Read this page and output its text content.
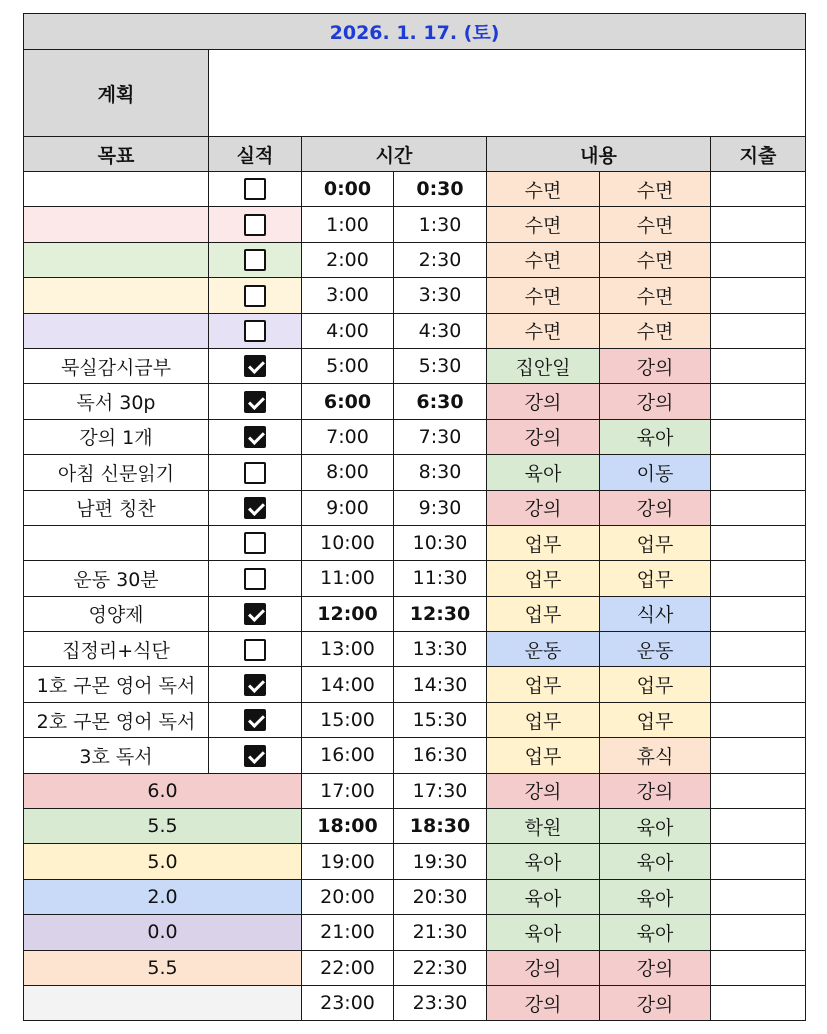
2026. 1. 17. (토)						
계획						
목표	실적	시간		내용		지출
		0:00	0:30	수면	수면	
		1:00	1:30	수면	수면	
		2:00	2:30	수면	수면	
		3:00	3:30	수면	수면	
		4:00	4:30	수면	수면	
묵실감시금부		5:00	5:30	집안일	강의	
독서 30p		6:00	6:30	강의	강의	
강의 1개		7:00	7:30	강의	육아	
아침 신문읽기		8:00	8:30	육아	이동	
남편 칭찬		9:00	9:30	강의	강의	
		10:00	10:30	업무	업무	
운동 30분		11:00	11:30	업무	업무	
영양제		12:00	12:30	업무	식사	
집정리+식단		13:00	13:30	운동	운동	
1호 구몬 영어 독서		14:00	14:30	업무	업무	
2호 구몬 영어 독서		15:00	15:30	업무	업무	
3호 독서		16:00	16:30	업무	휴식	
6.0		17:00	17:30	강의	강의	
5.5		18:00	18:30	학원	육아	
5.0		19:00	19:30	육아	육아	
2.0		20:00	20:30	육아	육아	
0.0		21:00	21:30	육아	육아	
5.5		22:00	22:30	강의	강의	
		23:00	23:30	강의	강의	
